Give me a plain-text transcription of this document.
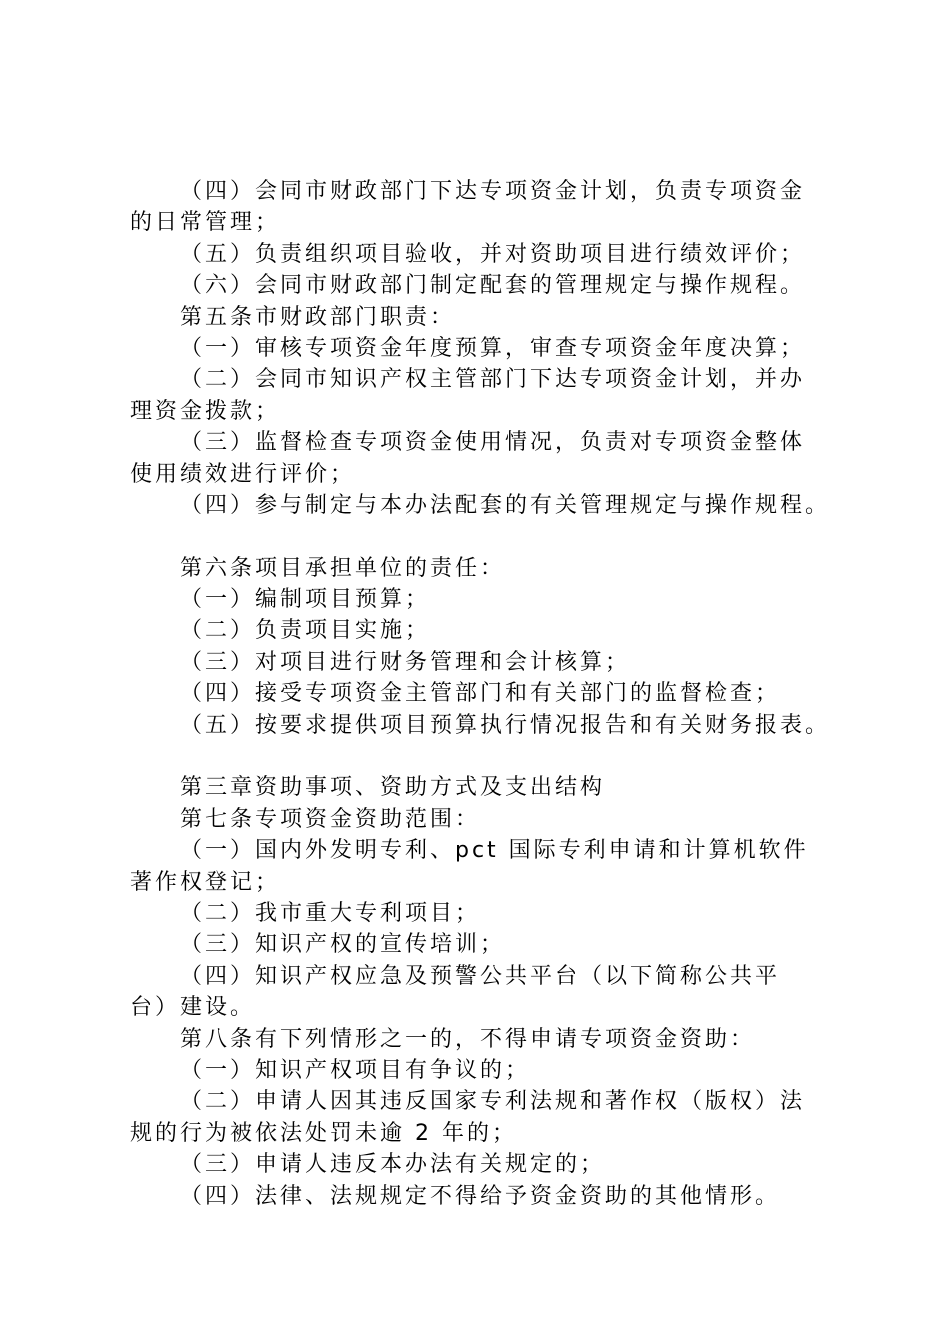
（四）会同市财政部门下达专项资金计划，负责专项资金
的日常管理；
（五）负责组织项目验收，并对资助项目进行绩效评价；
（六）会同市财政部门制定配套的管理规定与操作规程。
第五条市财政部门职责：
（一）审核专项资金年度预算，审查专项资金年度决算；
（二）会同市知识产权主管部门下达专项资金计划，并办
理资金拨款；
（三）监督检查专项资金使用情况，负责对专项资金整体
使用绩效进行评价；
（四）参与制定与本办法配套的有关管理规定与操作规程。
第六条项目承担单位的责任：
（一）编制项目预算；
（二）负责项目实施；
（三）对项目进行财务管理和会计核算；
（四）接受专项资金主管部门和有关部门的监督检查；
（五）按要求提供项目预算执行情况报告和有关财务报表。
第三章资助事项、资助方式及支出结构
第七条专项资金资助范围：
（一）国内外发明专利、pct 国际专利申请和计算机软件
著作权登记；
（二）我市重大专利项目；
（三）知识产权的宣传培训；
（四）知识产权应急及预警公共平台（以下简称公共平
台）建设。
第八条有下列情形之一的，不得申请专项资金资助：
（一）知识产权项目有争议的；
（二）申请人因其违反国家专利法规和著作权（版权）法
规的行为被依法处罚未逾 2 年的；
（三）申请人违反本办法有关规定的；
（四）法律、法规规定不得给予资金资助的其他情形。
